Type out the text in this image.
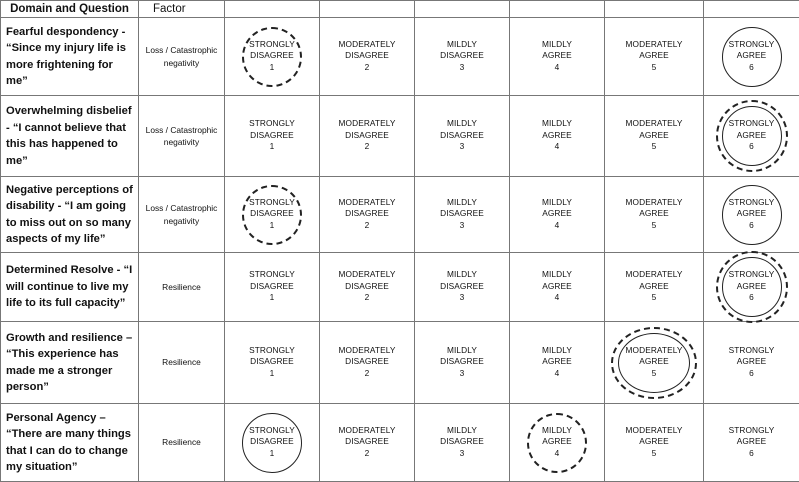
Domain and Question	Factor						
Fearful despondency - “Since my injury life is more frightening for me”	Loss / Catastrophic negativity	STRONGLY
DISAGREE
1	MODERATELY
DISAGREE
2	MILDLY
DISAGREE
3	MILDLY
AGREE
4	MODERATELY
AGREE
5	STRONGLY
AGREE
6

Overwhelming disbelief - “I cannot believe that this has happened to me”	Loss / Catastrophic negativity	STRONGLY
DISAGREE
1	MODERATELY
DISAGREE
2	MILDLY
DISAGREE
3	MILDLY
AGREE
4	MODERATELY
AGREE
5	STRONGLY
AGREE
6

Negative perceptions of disability - “I am going to miss out on so many aspects of my life”	Loss / Catastrophic negativity	STRONGLY
DISAGREE
1	MODERATELY
DISAGREE
2	MILDLY
DISAGREE
3	MILDLY
AGREE
4	MODERATELY
AGREE
5	STRONGLY
AGREE
6

Determined Resolve - “I will continue to live my life to its full capacity”	Resilience	STRONGLY
DISAGREE
1	MODERATELY
DISAGREE
2	MILDLY
DISAGREE
3	MILDLY
AGREE
4	MODERATELY
AGREE
5	STRONGLY
AGREE
6

Growth and resilience – “This experience has made me a stronger person”	Resilience	STRONGLY
DISAGREE
1	MODERATELY
DISAGREE
2	MILDLY
DISAGREE
3	MILDLY
AGREE
4	MODERATELY
AGREE
5	STRONGLY
AGREE
6

Personal Agency – “There are many things that I can do to change my situation”	Resilience	STRONGLY
DISAGREE
1	MODERATELY
DISAGREE
2	MILDLY
DISAGREE
3	MILDLY
AGREE
4	MODERATELY
AGREE
5	STRONGLY
AGREE
6
